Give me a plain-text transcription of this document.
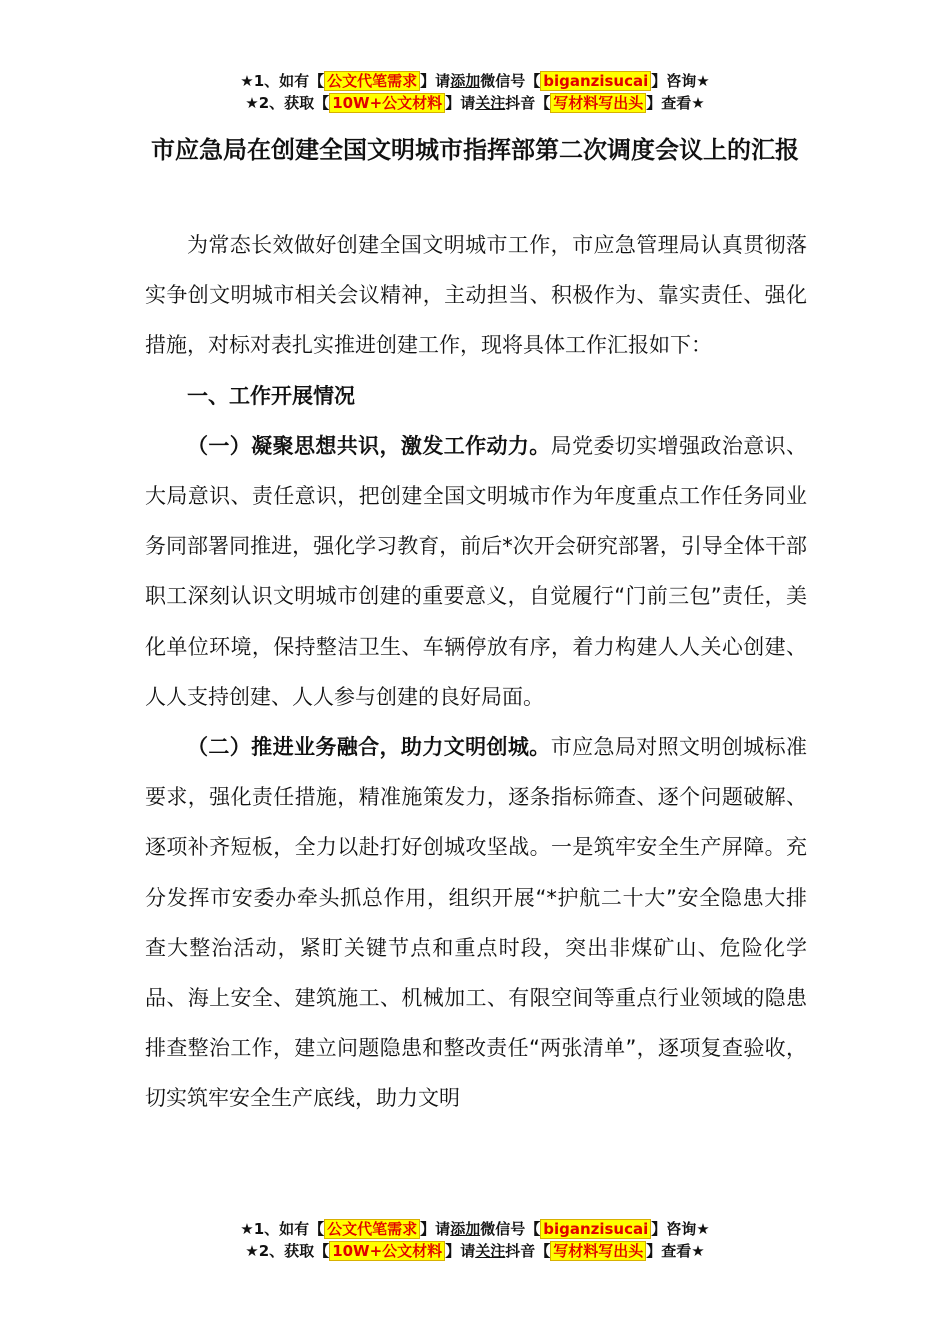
★1、如有【 公文代笔需求 】请添加微信号【 biganzisucai 】咨询★
★2、获取【 10W+公文材料 】请关注抖音【 写材料写出头 】查看★
市应急局在创建全国文明城市指挥部第二次调度会议上的汇报

为常态长效做好创建全国文明城市工作，市应急管理局认真贯彻落实争创文明城市相关会议精神，主动担当、积极作为、靠实责任、强化措施，对标对表扎实推进创建工作，现将具体工作汇报如下：

一、工作开展情况

（一）凝聚思想共识，激发工作动力。局党委切实增强政治意识、大局意识、责任意识，把创建全国文明城市作为年度重点工作任务同业务同部署同推进，强化学习教育，前后*次开会研究部署，引导全体干部职工深刻认识文明城市创建的重要意义，自觉履行“门前三包”责任，美化单位环境，保持整洁卫生、车辆停放有序，着力构建人人关心创建、人人支持创建、人人参与创建的良好局面。

（二）推进业务融合，助力文明创城。市应急局对照文明创城标准要求，强化责任措施，精准施策发力，逐条指标筛查、逐个问题破解、逐项补齐短板，全力以赴打好创城攻坚战。一是筑牢安全生产屏障。充分发挥市安委办牵头抓总作用，组织开展“*护航二十大”安全隐患大排查大整治活动，紧盯关键节点和重点时段，突出非煤矿山、危险化学品、海上安全、建筑施工、机械加工、有限空间等重点行业领域的隐患排查整治工作，建立问题隐患和整改责任“两张清单”，逐项复查验收，切实筑牢安全生产底线，助力文明

★1、如有【 公文代笔需求 】请添加微信号【 biganzisucai 】咨询★
★2、获取【 10W+公文材料 】请关注抖音【 写材料写出头 】查看★
